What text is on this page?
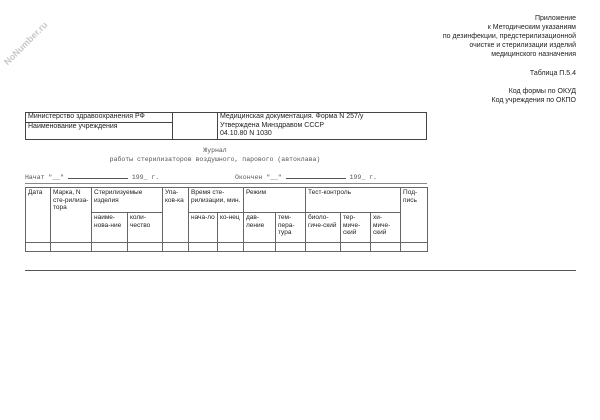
NoNumber.ru
Приложение
к Методическим указаниям
по дезинфекции, предстерилизационной
очистке и стерилизации изделий
медицинского назначения
Таблица П.5.4
Код формы по ОКУД
Код учреждения по ОКПО
Министерство здравоохранения РФ		Медицинская документация. Форма N 257/у
Утверждена Минздравом СССР
04.10.80 N 1030

Наименование учреждения
Журнал
работы стерилизаторов воздушного, парового (автоклава)
Начат "__"	199_ г.	Окончен "__"	199_ г.
Дата	Марка, N сте-рилиза-тора	Стерилизуемые изделия		Упа-ков-ка	Время сте-рилизации, мин.		Режим		Тест-контроль			Под-пись
		наиме-нова-ние	коли-чество		нача-ло	ко-нец	дав-ление	тем-пера-тура	биоло-гиче-ский	тер-миче-ский	хи-миче-ский	
